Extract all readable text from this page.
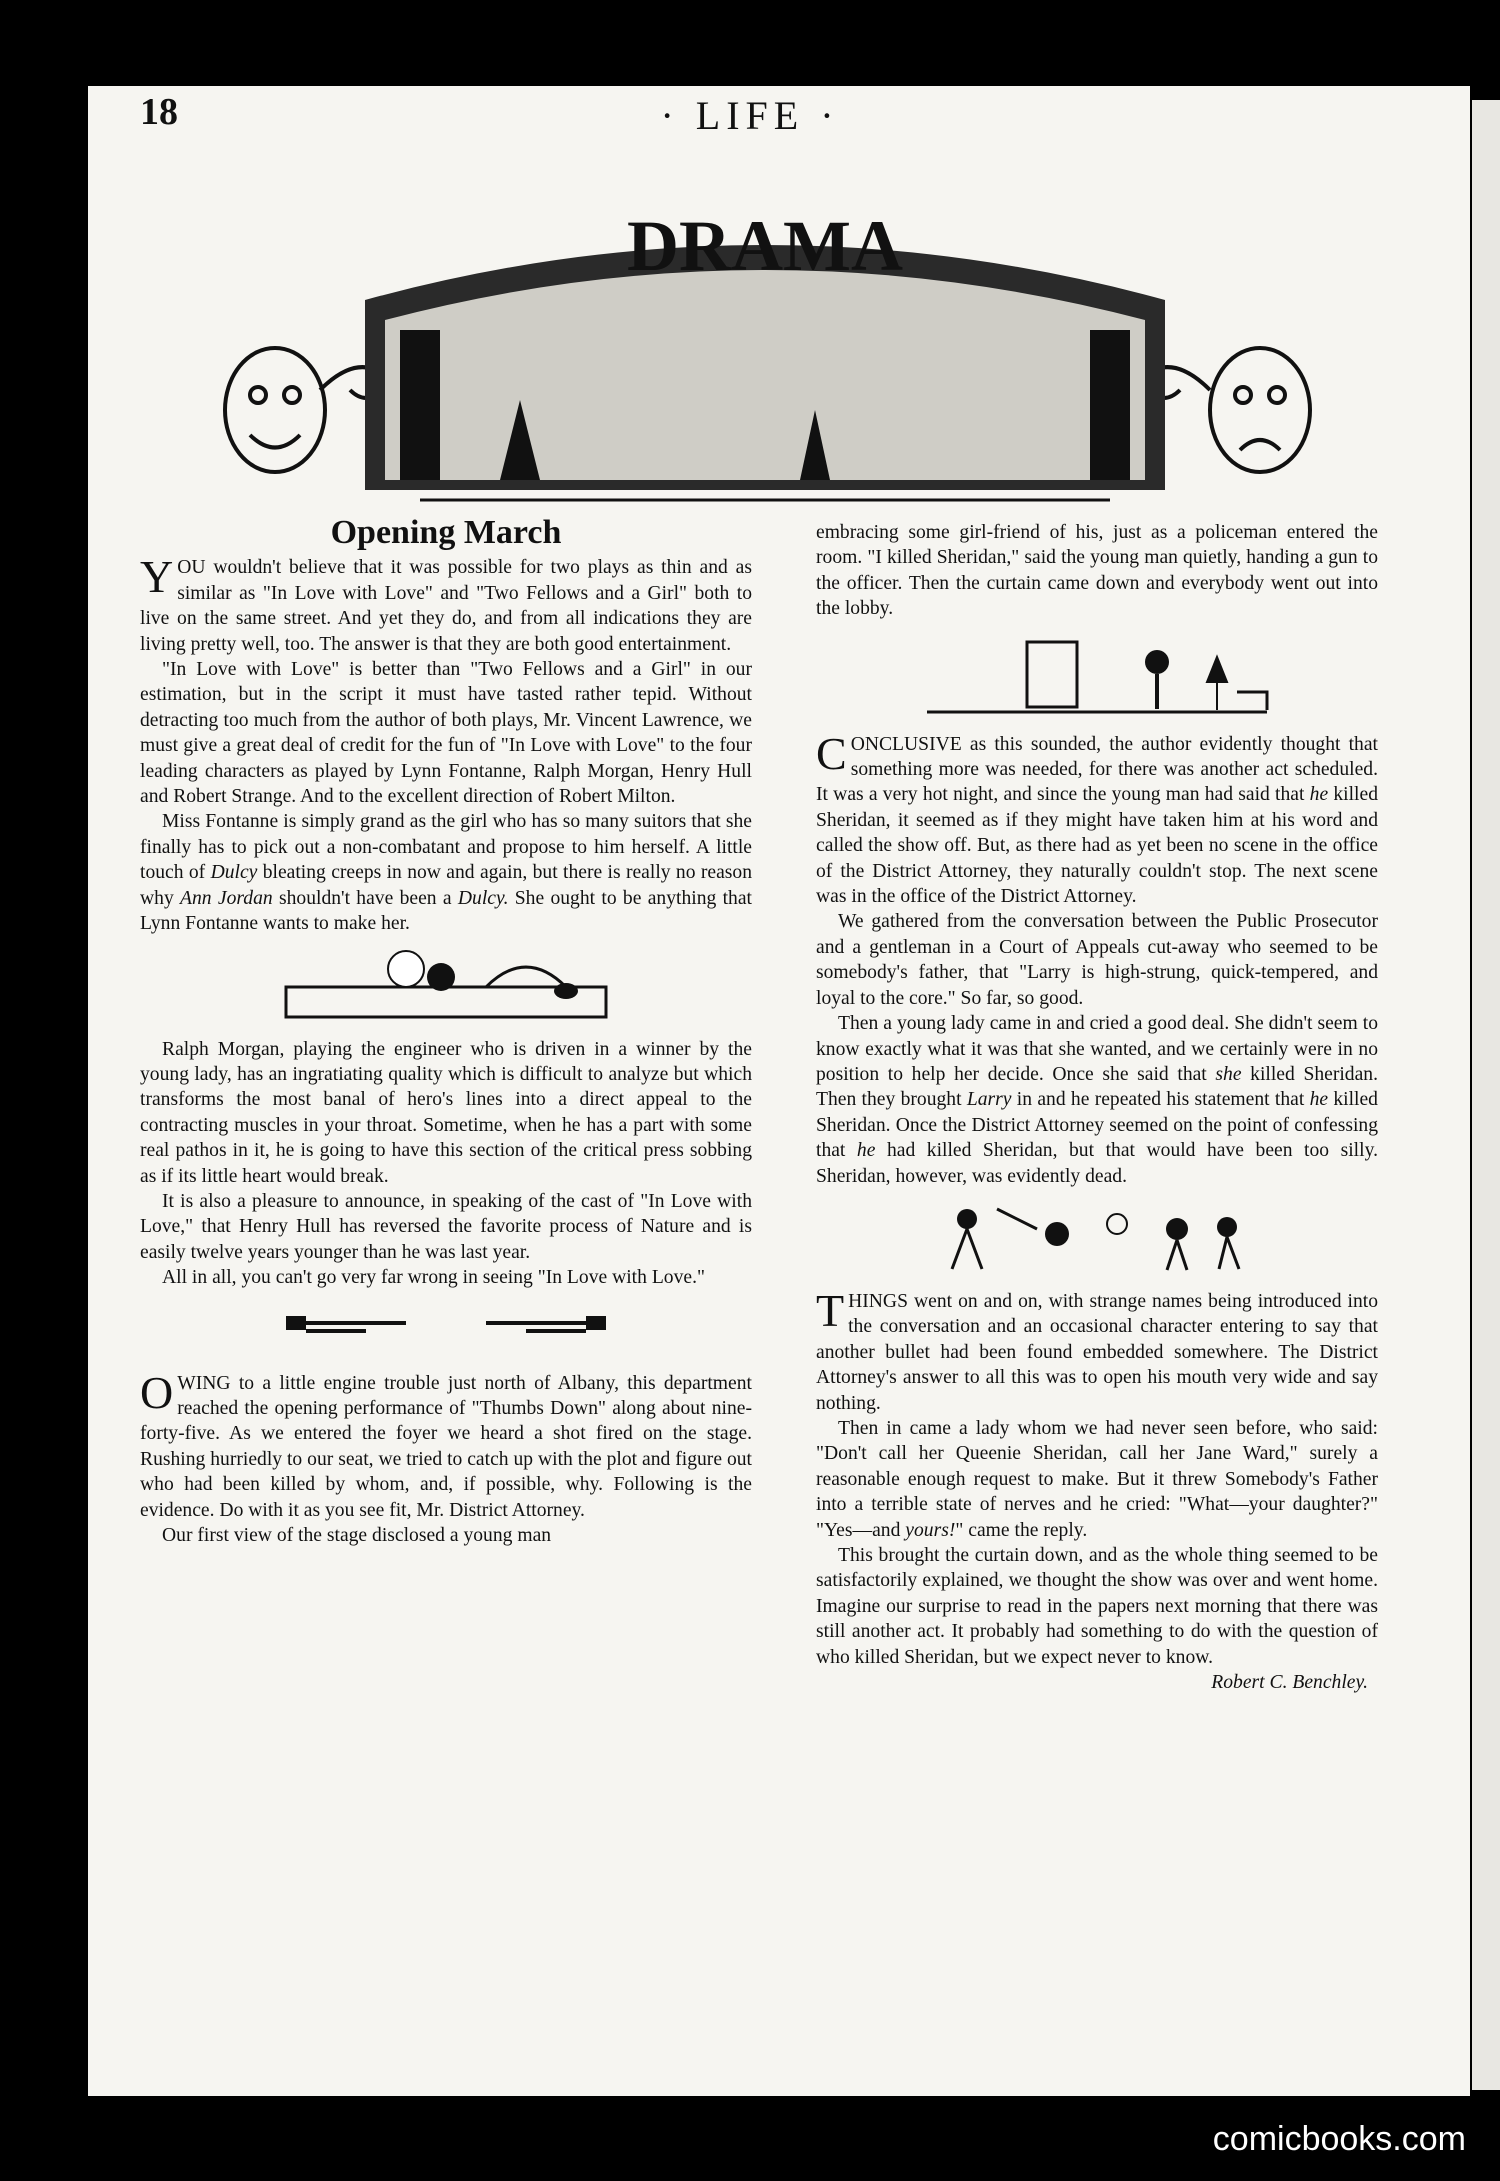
18	· LIFE ·
DRAMA
Opening March

YOU wouldn't believe that it was possible for two plays as thin and as similar as "In Love with Love" and "Two Fellows and a Girl" both to live on the same street. And yet they do, and from all indications they are living pretty well, too. The answer is that they are both good entertainment.

"In Love with Love" is better than "Two Fellows and a Girl" in our estimation, but in the script it must have tasted rather tepid. Without detracting too much from the author of both plays, Mr. Vincent Lawrence, we must give a great deal of credit for the fun of "In Love with Love" to the four leading characters as played by Lynn Fontanne, Ralph Morgan, Henry Hull and Robert Strange. And to the excellent direction of Robert Milton.

Miss Fontanne is simply grand as the girl who has so many suitors that she finally has to pick out a non-combatant and propose to him herself. A little touch of Dulcy bleating creeps in now and again, but there is really no reason why Ann Jordan shouldn't have been a Dulcy. She ought to be anything that Lynn Fontanne wants to make her.

Ralph Morgan, playing the engineer who is driven in a winner by the young lady, has an ingratiating quality which is difficult to analyze but which transforms the most banal of hero's lines into a direct appeal to the contracting muscles in your throat. Sometime, when he has a part with some real pathos in it, he is going to have this section of the critical press sobbing as if its little heart would break.

It is also a pleasure to announce, in speaking of the cast of "In Love with Love," that Henry Hull has reversed the favorite process of Nature and is easily twelve years younger than he was last year.

All in all, you can't go very far wrong in seeing "In Love with Love."

OWING to a little engine trouble just north of Albany, this department reached the opening performance of "Thumbs Down" along about nine-forty-five. As we entered the foyer we heard a shot fired on the stage. Rushing hurriedly to our seat, we tried to catch up with the plot and figure out who had been killed by whom, and, if possible, why. Following is the evidence. Do with it as you see fit, Mr. District Attorney.

Our first view of the stage disclosed a young man

embracing some girl-friend of his, just as a policeman entered the room. "I killed Sheridan," said the young man quietly, handing a gun to the officer. Then the curtain came down and everybody went out into the lobby.

CONCLUSIVE as this sounded, the author evidently thought that something more was needed, for there was another act scheduled. It was a very hot night, and since the young man had said that he killed Sheridan, it seemed as if they might have taken him at his word and called the show off. But, as there had as yet been no scene in the office of the District Attorney, they naturally couldn't stop. The next scene was in the office of the District Attorney.

We gathered from the conversation between the Public Prosecutor and a gentleman in a Court of Appeals cut-away who seemed to be somebody's father, that "Larry is high-strung, quick-tempered, and loyal to the core." So far, so good.

Then a young lady came in and cried a good deal. She didn't seem to know exactly what it was that she wanted, and we certainly were in no position to help her decide. Once she said that she killed Sheridan. Then they brought Larry in and he repeated his statement that he killed Sheridan. Once the District Attorney seemed on the point of confessing that he had killed Sheridan, but that would have been too silly. Sheridan, however, was evidently dead.

THINGS went on and on, with strange names being introduced into the conversation and an occasional character entering to say that another bullet had been found embedded somewhere. The District Attorney's answer to all this was to open his mouth very wide and say nothing.

Then in came a lady whom we had never seen before, who said: "Don't call her Queenie Sheridan, call her Jane Ward," surely a reasonable enough request to make. But it threw Somebody's Father into a terrible state of nerves and he cried: "What—your daughter?" "Yes—and yours!" came the reply.

This brought the curtain down, and as the whole thing seemed to be satisfactorily explained, we thought the show was over and went home. Imagine our surprise to read in the papers next morning that there was still another act. It probably had something to do with the question of who killed Sheridan, but we expect never to know.

Robert C. Benchley.
comicbooks.com
